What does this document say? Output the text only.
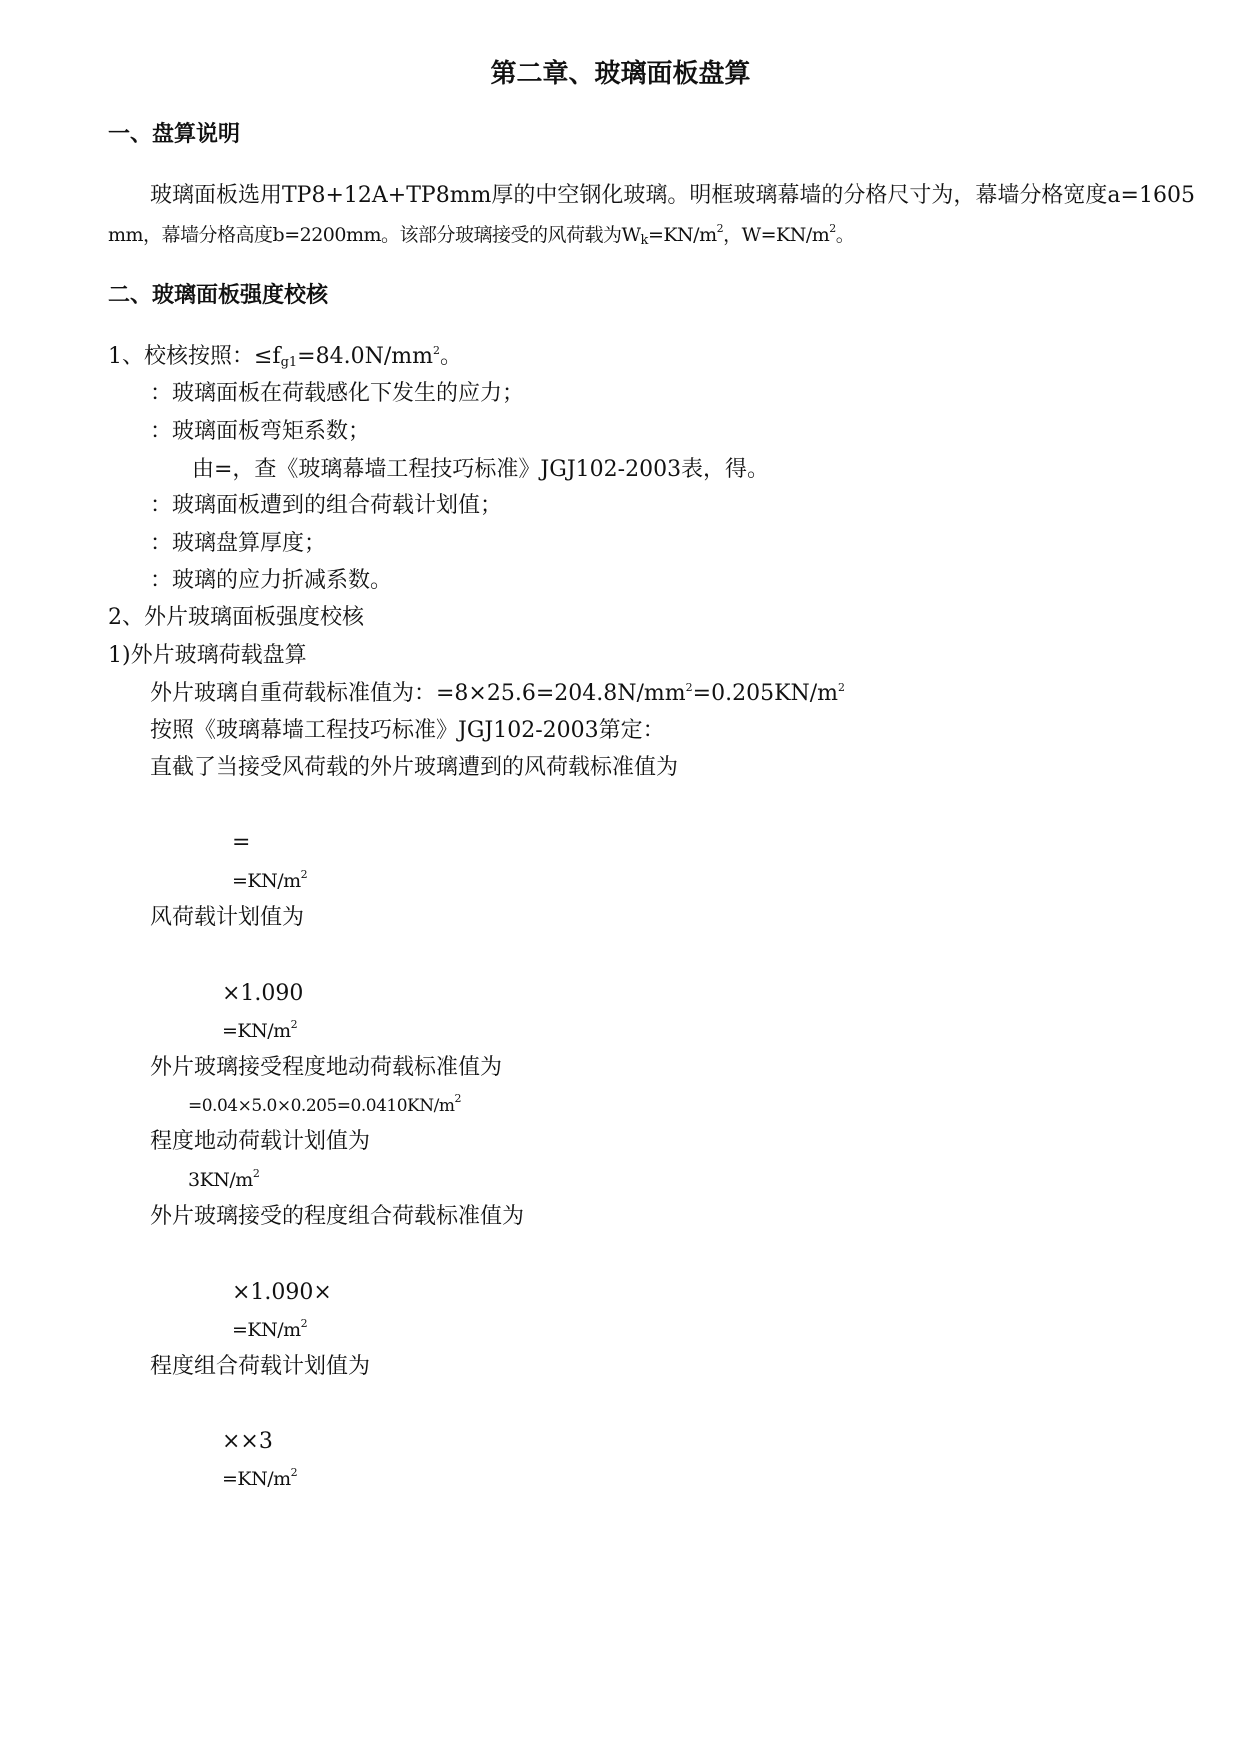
第二章、玻璃面板盘算
一、盘算说明
玻璃面板选用TP8+12A+TP8mm厚的中空钢化玻璃。明框玻璃幕墙的分格尺寸为，幕墙分格宽度a=1605
mm，幕墙分格高度b=2200mm。该部分玻璃接受的风荷载为$W_k=KN/m^2$，$W=KN/m^2$。
二、玻璃面板强度校核
1、校核按照：$\le f_{g1}=84.0N/mm^2$。
：玻璃面板在荷载感化下发生的应力；
：玻璃面板弯矩系数；
由=，查《玻璃幕墙工程技巧标准》JGJ102-2003表，得。
：玻璃面板遭到的组合荷载计划值；
：玻璃盘算厚度；
：玻璃的应力折减系数。
2、外片玻璃面板强度校核
1)外片玻璃荷载盘算
外片玻璃自重荷载标准值为：$=8\times 25.6=204.8N/mm^2=0.205KN/m^2$
按照《玻璃幕墙工程技巧标准》JGJ102-2003第定：
直截了当接受风荷载的外片玻璃遭到的风荷载标准值为
=
$=KN/m^2$
风荷载计划值为
×1.090
$=KN/m^2$
外片玻璃接受程度地动荷载标准值为
$=0.04\times 5.0\times 0.205=0.0410KN/m^2$
程度地动荷载计划值为
$3KN/m^2$
外片玻璃接受的程度组合荷载标准值为
×1.090×
$=KN/m^2$
程度组合荷载计划值为
××3
$=KN/m^2$
